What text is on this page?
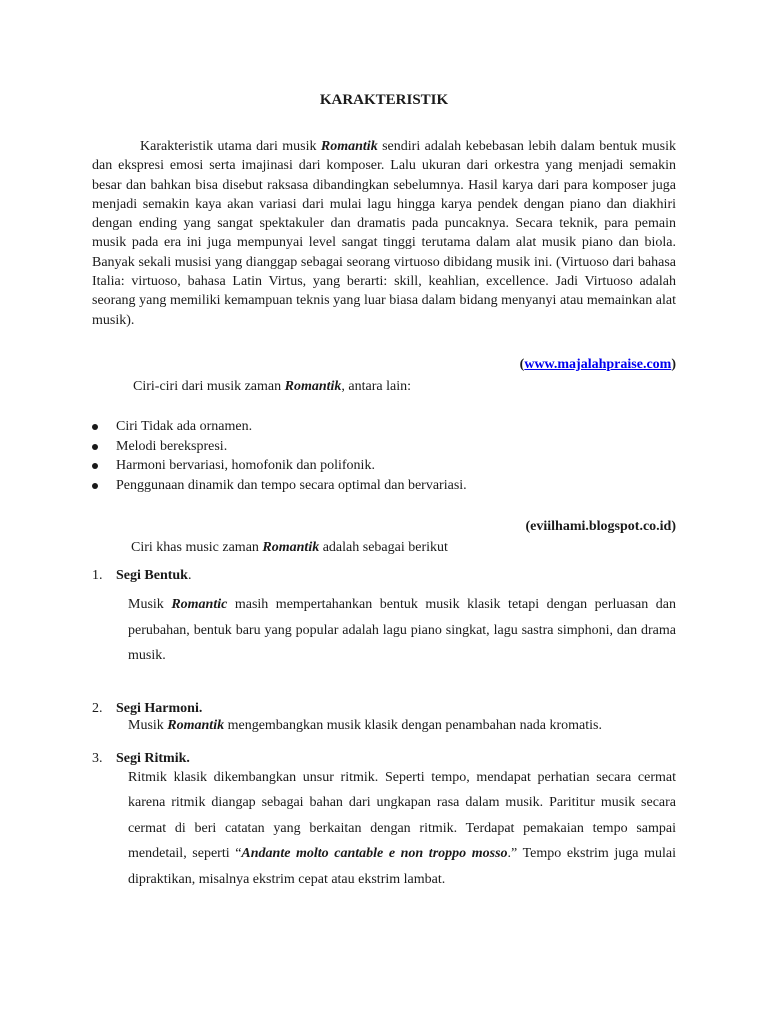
KARAKTERISTIK

Karakteristik utama dari musik Romantik sendiri adalah kebebasan lebih dalam bentuk musik dan ekspresi emosi serta imajinasi dari komposer. Lalu ukuran dari orkestra yang menjadi semakin besar dan bahkan bisa disebut raksasa dibandingkan sebelumnya. Hasil karya dari para komposer juga menjadi semakin kaya akan variasi dari mulai lagu hingga karya pendek dengan piano dan diakhiri dengan ending yang sangat spektakuler dan dramatis pada puncaknya. Secara teknik, para pemain musik pada era ini juga mempunyai level sangat tinggi terutama dalam alat musik piano dan biola. Banyak sekali musisi yang dianggap sebagai seorang virtuoso dibidang musik ini. (Virtuoso dari bahasa Italia: virtuoso, bahasa Latin Virtus, yang berarti: skill, keahlian, excellence. Jadi Virtuoso adalah seorang yang memiliki kemampuan teknis yang luar biasa dalam bidang menyanyi atau memainkan alat musik).

(www.majalahpraise.com)
Ciri-ciri dari musik zaman Romantik, antara lain:
Ciri Tidak ada ornamen.
Melodi berekspresi.
Harmoni bervariasi, homofonik dan polifonik.
Penggunaan dinamik dan tempo secara optimal dan bervariasi.
(eviilhami.blogspot.co.id)
Ciri khas music zaman Romantik adalah sebagai berikut
1. Segi Bentuk.

Musik Romantic masih mempertahankan bentuk musik klasik tetapi dengan perluasan dan perubahan, bentuk baru yang popular adalah lagu piano singkat, lagu sastra simphoni, dan drama musik.

2. Segi Harmoni.

Musik Romantik mengembangkan musik klasik dengan penambahan nada kromatis.

3. Segi Ritmik.

Ritmik klasik dikembangkan unsur ritmik. Seperti tempo, mendapat perhatian secara cermat karena ritmik diangap sebagai bahan dari ungkapan rasa dalam musik. Parititur musik secara cermat di beri catatan yang berkaitan dengan ritmik. Terdapat pemakaian tempo sampai mendetail, seperti “Andante molto cantable e non troppo mosso.” Tempo ekstrim juga mulai dipraktikan, misalnya ekstrim cepat atau ekstrim lambat.
